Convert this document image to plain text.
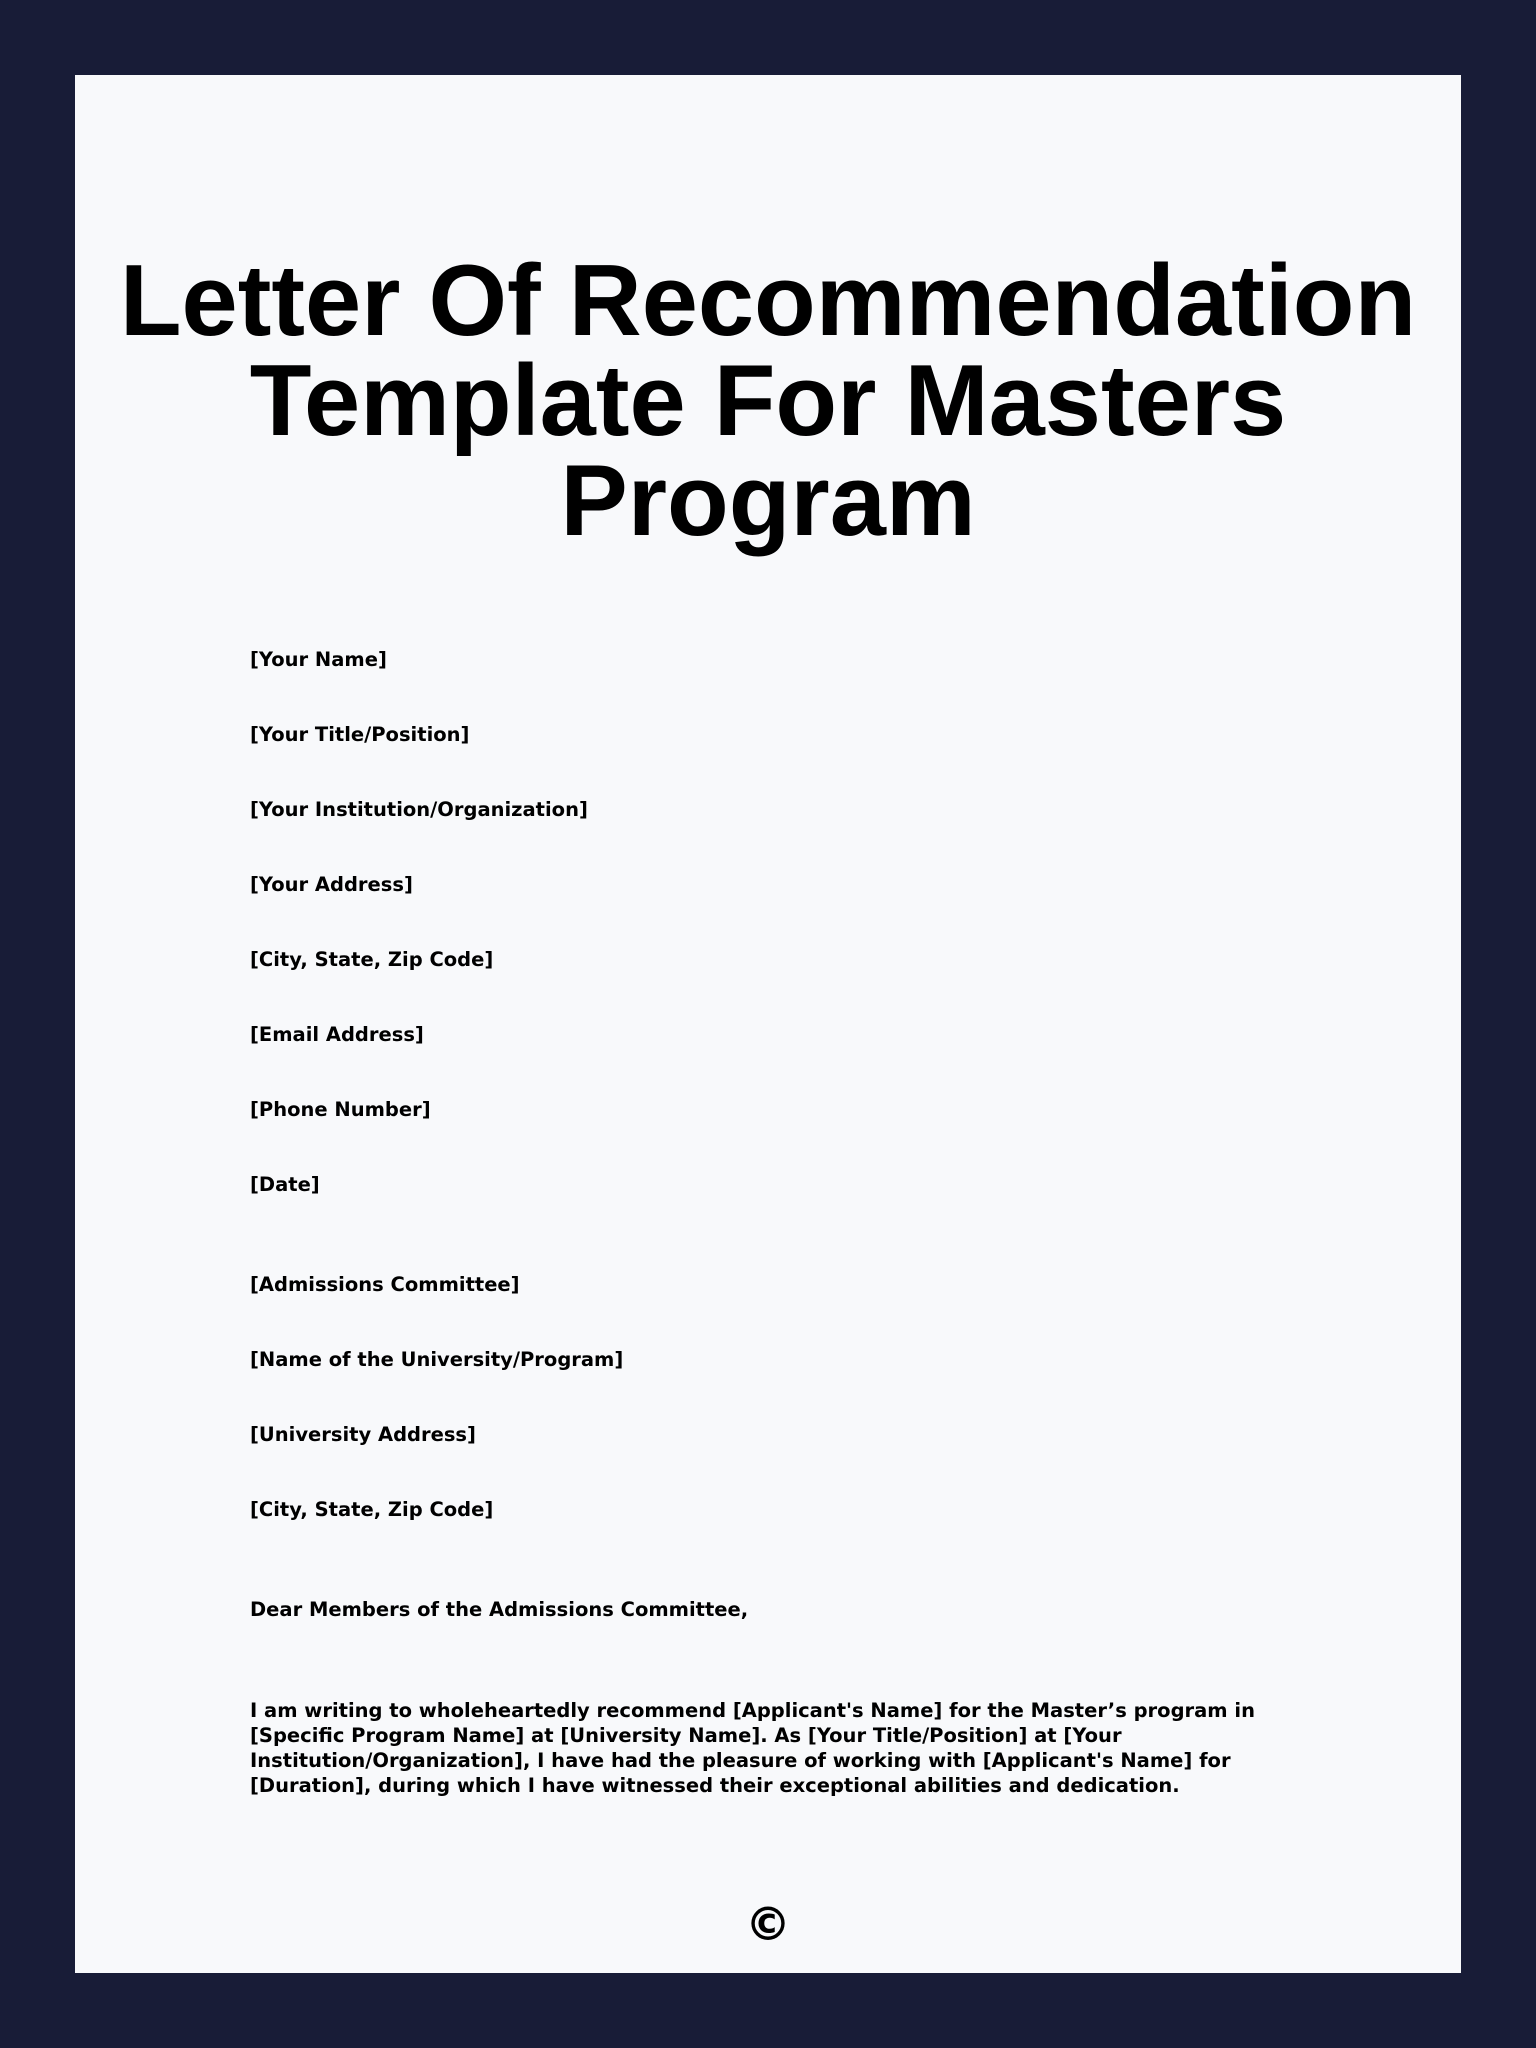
Letter Of Recommendation Template For Masters Program
[Your Name]
[Your Title/Position]
[Your Institution/Organization]
[Your Address]
[City, State, Zip Code]
[Email Address]
[Phone Number]
[Date]
[Admissions Committee]
[Name of the University/Program]
[University Address]
[City, State, Zip Code]
Dear Members of the Admissions Committee,
I am writing to wholeheartedly recommend [Applicant's Name] for the Master’s program in [Specific Program Name] at [University Name]. As [Your Title/Position] at [Your Institution/Organization], I have had the pleasure of working with [Applicant's Name] for [Duration], during which I have witnessed their exceptional abilities and dedication.
©
